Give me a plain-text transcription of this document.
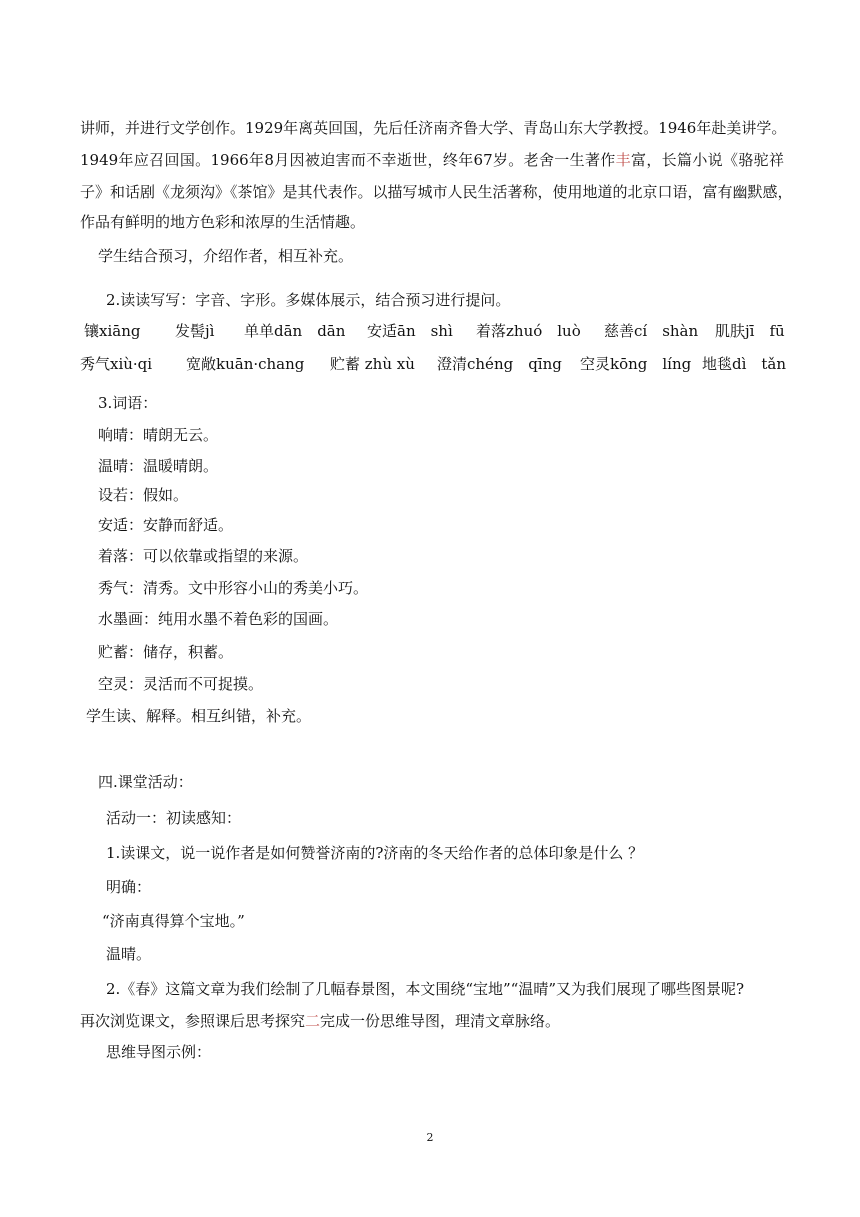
讲师，并进行文学创作。1929年离英回国，先后任济南齐鲁大学、青岛山东大学教授。1946年赴美讲学。
1949年应召回国。1966年8月因被迫害而不幸逝世，终年67岁。老舍一生著作丰富，长篇小说《骆驼祥
子》和话剧《龙须沟》《茶馆》是其代表作。以描写城市人民生活著称，使用地道的北京口语，富有幽默感，
作品有鲜明的地方色彩和浓厚的生活情趣。
学生结合预习，介绍作者，相互补充。
2.读读写写：字音、字形。多媒体展示，结合预习进行提问。
镶xiāng 发髻jì 单单dān　dān 安适ān　shì 着落zhuó　luò 慈善cí　shàn 肌肤jī　fū
秀气xiù·qi 宽敞kuān·chang 贮蓄 zhù xù 澄清chéng　qīng 空灵kōng　líng 地毯dì　tǎn
3.词语：
响晴：晴朗无云。
温晴：温暖晴朗。
设若：假如。
安适：安静而舒适。
着落：可以依靠或指望的来源。
秀气：清秀。文中形容小山的秀美小巧。
水墨画：纯用水墨不着色彩的国画。
贮蓄：储存，积蓄。
空灵：灵活而不可捉摸。
学生读、解释。相互纠错，补充。
四.课堂活动：
活动一：初读感知：
1.读课文，说一说作者是如何赞誉济南的?济南的冬天给作者的总体印象是什么 ？
明确：
“济南真得算个宝地。”
温晴。
2.《春》这篇文章为我们绘制了几幅春景图，本文围绕“宝地”“温晴”又为我们展现了哪些图景呢?
再次浏览课文，参照课后思考探究二完成一份思维导图，理清文章脉络。
思维导图示例：
2
